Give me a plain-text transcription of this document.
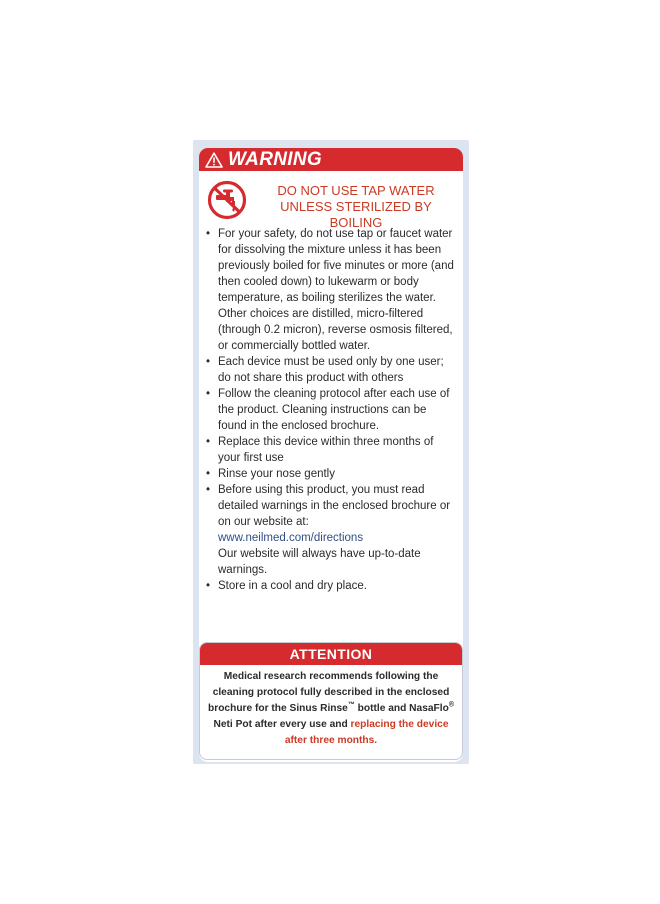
WARNING
DO NOT USE TAP WATER
UNLESS STERILIZED BY BOILING
• For your safety, do not use tap or faucet water for dissolving the mixture unless it has been previously boiled for five minutes or more (and then cooled down) to lukewarm or body temperature, as boiling sterilizes the water. Other choices are distilled, micro-filtered (through 0.2 micron), reverse osmosis filtered, or commercially bottled water.
• Each device must be used only by one user; do not share this product with others
• Follow the cleaning protocol after each use of the product. Cleaning instructions can be found in the enclosed brochure.
• Replace this device within three months of your first use
• Rinse your nose gently
• Before using this product, you must read detailed warnings in the enclosed brochure or on our website at:
www.neilmed.com/directions
Our website will always have up-to-date warnings.
• Store in a cool and dry place.
ATTENTION
Medical research recommends following the cleaning protocol fully described in the enclosed brochure for the Sinus Rinse™ bottle and NasaFlo® Neti Pot after every use and replacing the device after three months.
